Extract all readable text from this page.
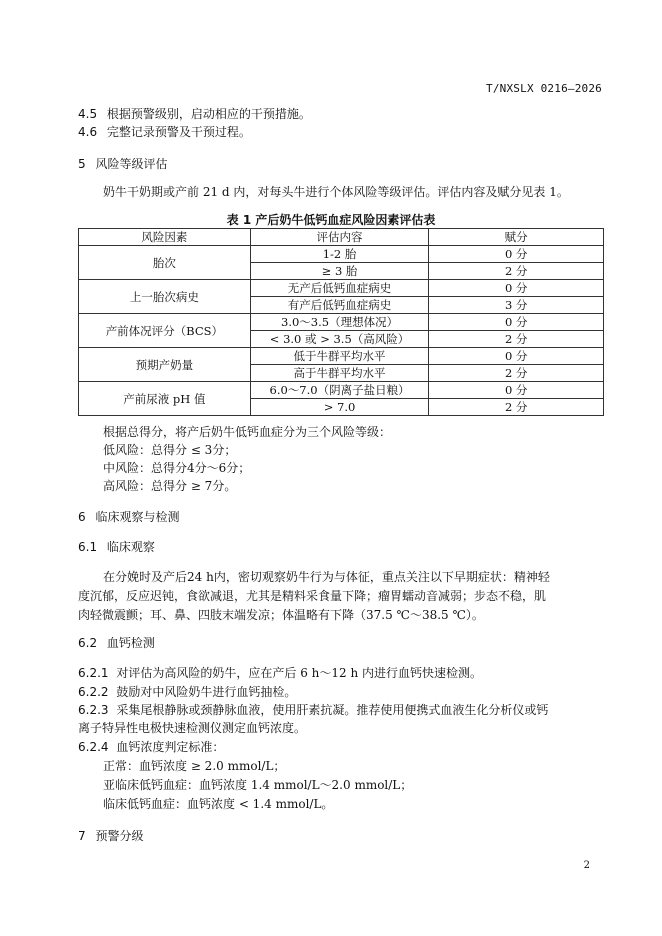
T/NXSLX 0216—2026
4.5 根据预警级别，启动相应的干预措施。
4.6 完整记录预警及干预过程。
5 风险等级评估
奶牛干奶期或产前 21 d 内，对每头牛进行个体风险等级评估。评估内容及赋分见表 1。
表 1 产后奶牛低钙血症风险因素评估表
风险因素	评估内容	赋分
胎次	1-2 胎	0 分
	≥ 3 胎	2 分
上一胎次病史	无产后低钙血症病史	0 分
	有产后低钙血症病史	3 分
产前体况评分（BCS）	3.0～3.5（理想体况）	0 分
	< 3.0 或 > 3.5（高风险）	2 分
预期产奶量	低于牛群平均水平	0 分
	高于牛群平均水平	2 分
产前尿液 pH 值	6.0～7.0（阴离子盐日粮）	0 分
	> 7.0	2 分
根据总得分，将产后奶牛低钙血症分为三个风险等级：
低风险：总得分 ≤ 3分；
中风险：总得分4分～6分；
高风险：总得分 ≥ 7分。
6 临床观察与检测
6.1 临床观察
在分娩时及产后24 h内，密切观察奶牛行为与体征，重点关注以下早期症状：精神轻
度沉郁，反应迟钝，食欲减退，尤其是精料采食量下降；瘤胃蠕动音减弱；步态不稳，肌
肉轻微震颤；耳、鼻、四肢末端发凉；体温略有下降（37.5 ℃～38.5 ℃）。
6.2 血钙检测
6.2.1 对评估为高风险的奶牛，应在产后 6 h～12 h 内进行血钙快速检测。
6.2.2 鼓励对中风险奶牛进行血钙抽检。
6.2.3 采集尾根静脉或颈静脉血液，使用肝素抗凝。推荐使用便携式血液生化分析仪或钙
离子特异性电极快速检测仪测定血钙浓度。
6.2.4 血钙浓度判定标准：
正常：血钙浓度 ≥ 2.0 mmol/L；
亚临床低钙血症：血钙浓度 1.4 mmol/L～2.0 mmol/L；
临床低钙血症：血钙浓度 < 1.4 mmol/L。
7 预警分级
2
